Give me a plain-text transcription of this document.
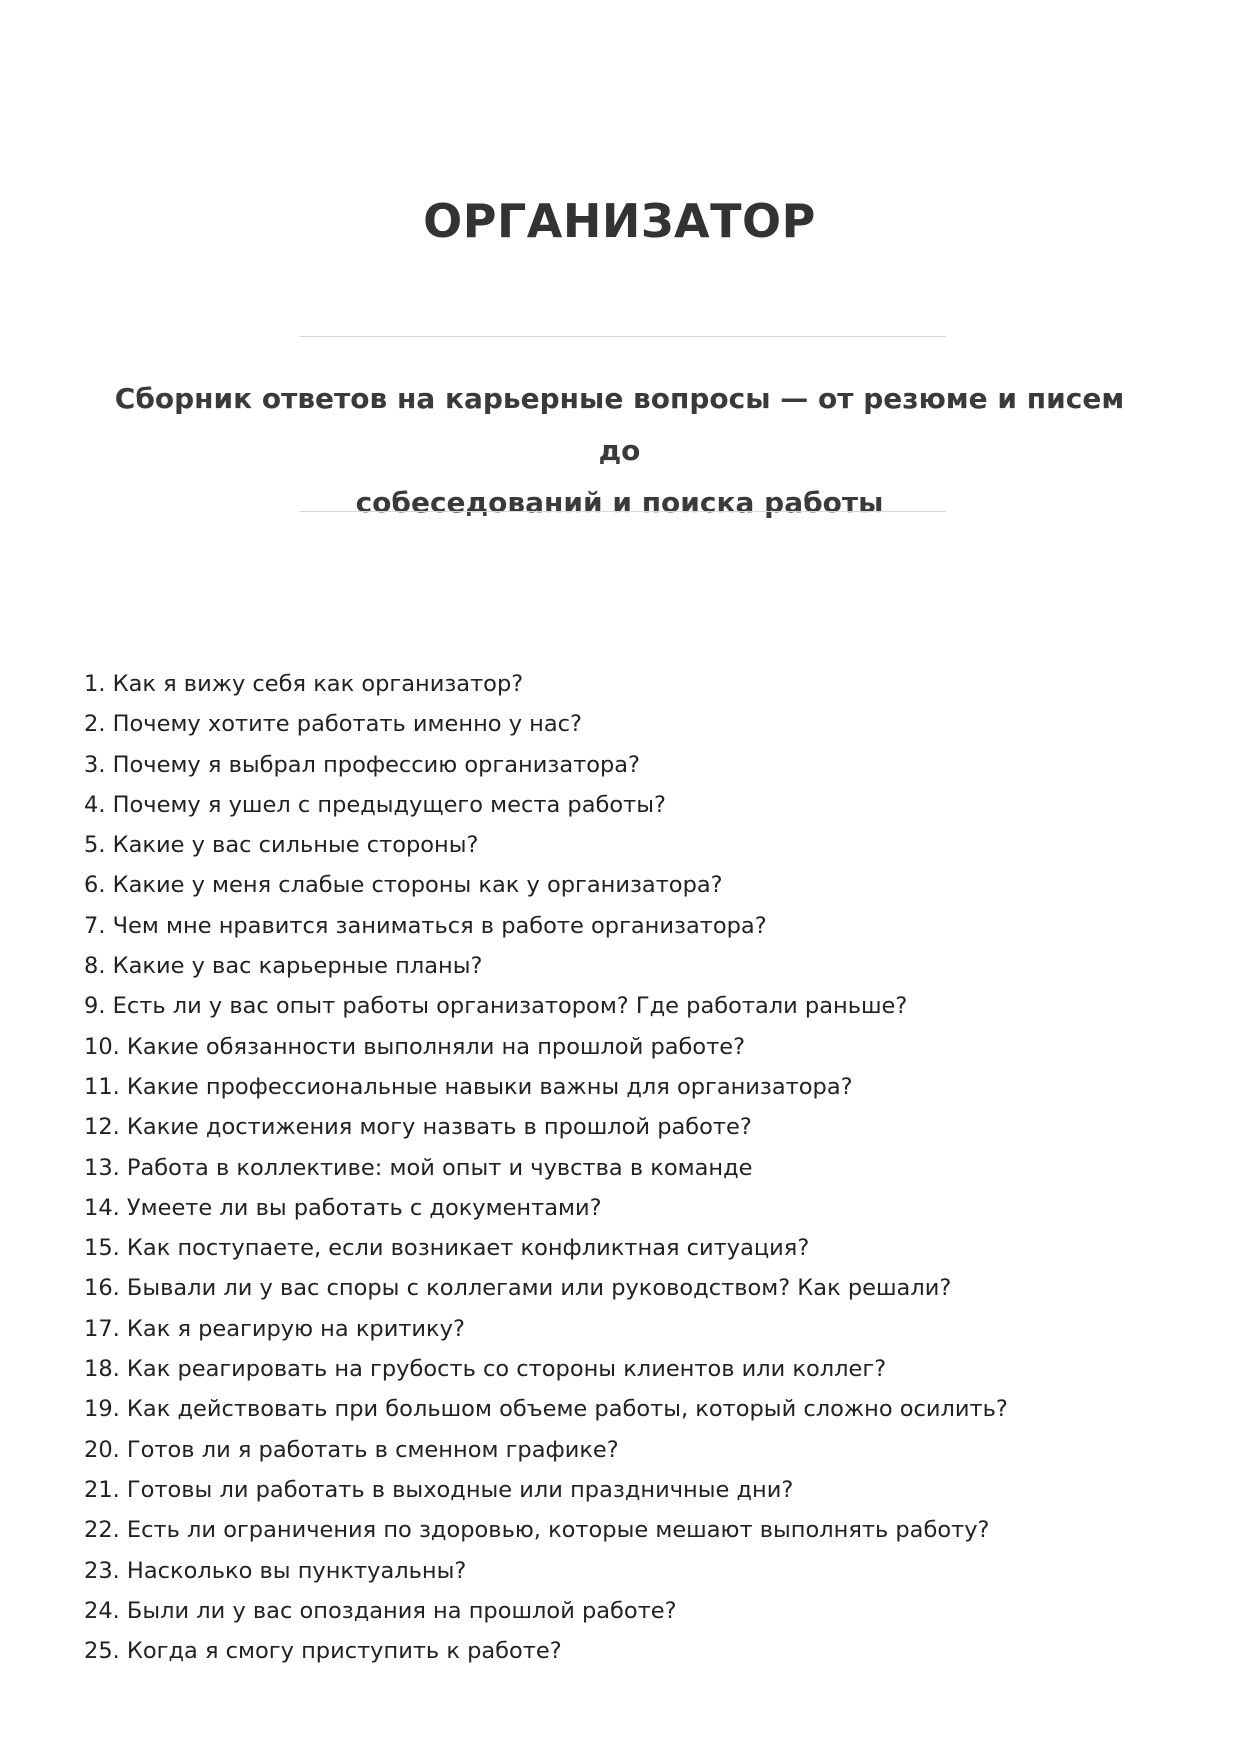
ОРГАНИЗАТОР
Сборник ответов на карьерные вопросы — от резюме и писем до
собеседований и поиска работы
1. Как я вижу себя как организатор?
2. Почему хотите работать именно у нас?
3. Почему я выбрал профессию организатора?
4. Почему я ушел с предыдущего места работы?
5. Какие у вас сильные стороны?
6. Какие у меня слабые стороны как у организатора?
7. Чем мне нравится заниматься в работе организатора?
8. Какие у вас карьерные планы?
9. Есть ли у вас опыт работы организатором? Где работали раньше?
10. Какие обязанности выполняли на прошлой работе?
11. Какие профессиональные навыки важны для организатора?
12. Какие достижения могу назвать в прошлой работе?
13. Работа в коллективе: мой опыт и чувства в команде
14. Умеете ли вы работать с документами?
15. Как поступаете, если возникает конфликтная ситуация?
16. Бывали ли у вас споры с коллегами или руководством? Как решали?
17. Как я реагирую на критику?
18. Как реагировать на грубость со стороны клиентов или коллег?
19. Как действовать при большом объеме работы, который сложно осилить?
20. Готов ли я работать в сменном графике?
21. Готовы ли работать в выходные или праздничные дни?
22. Есть ли ограничения по здоровью, которые мешают выполнять работу?
23. Насколько вы пунктуальны?
24. Были ли у вас опоздания на прошлой работе?
25. Когда я смогу приступить к работе?
